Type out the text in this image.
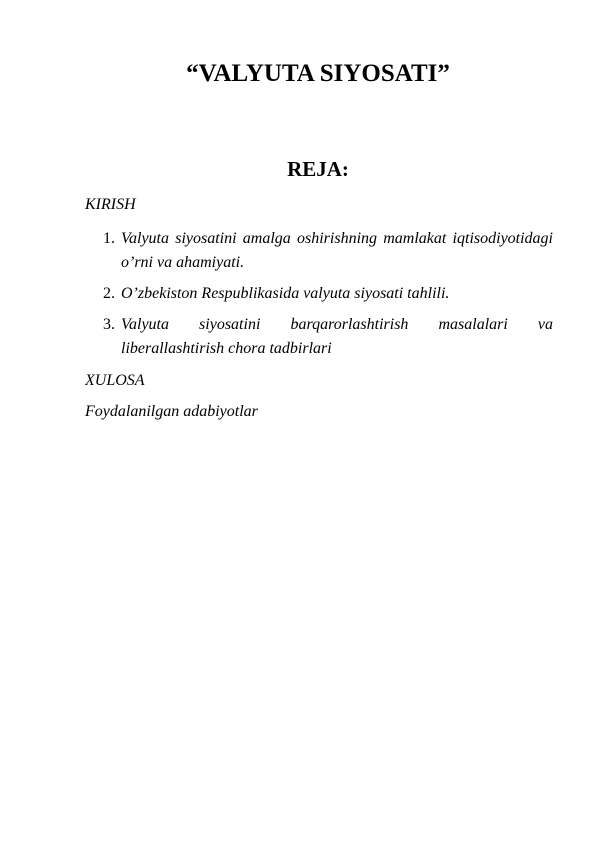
“VALYUTA SIYOSATI”
REJA:
KIRISH
1. Valyuta siyosatini amalga oshirishning mamlakat iqtisodiyotidagi o’rni va ahamiyati.
2. O’zbekiston Respublikasida valyuta siyosati tahlili.
3. Valyuta siyosatini barqarorlashtirish masalalari va liberallashtirish chora tadbirlari
XULOSA
Foydalanilgan adabiyotlar
